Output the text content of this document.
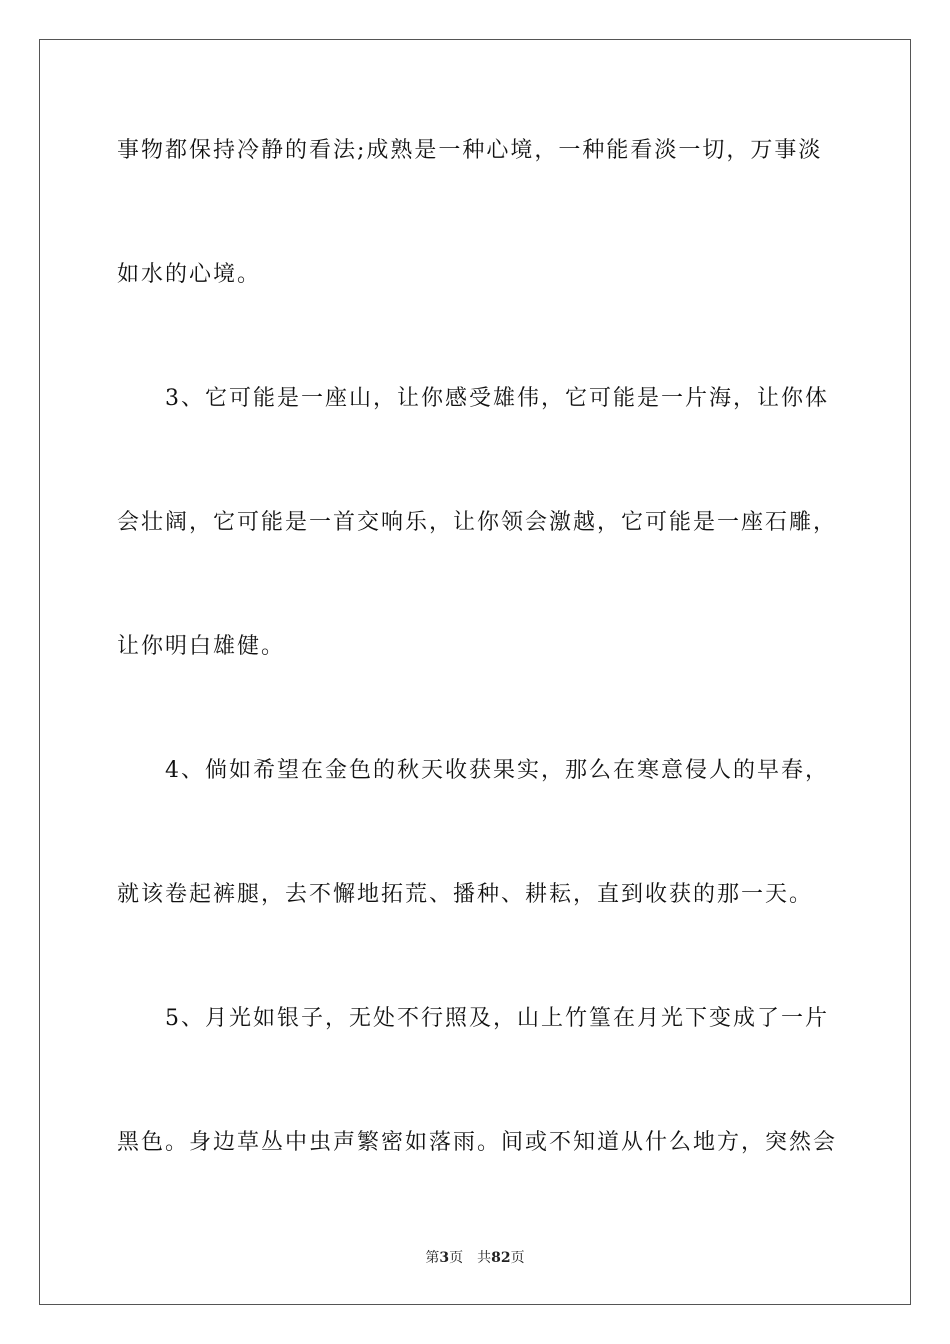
事物都保持冷静的看法;成熟是一种心境，一种能看淡一切，万事淡
如水的心境。
　　3、它可能是一座山，让你感受雄伟，它可能是一片海，让你体
会壮阔，它可能是一首交响乐，让你领会激越，它可能是一座石雕，
让你明白雄健。
　　4、倘如希望在金色的秋天收获果实，那么在寒意侵人的早春，
就该卷起裤腿，去不懈地拓荒、播种、耕耘，直到收获的那一天。
　　5、月光如银子，无处不行照及，山上竹篁在月光下变成了一片
黑色。身边草丛中虫声繁密如落雨。间或不知道从什么地方，突然会
第3页 共82页
